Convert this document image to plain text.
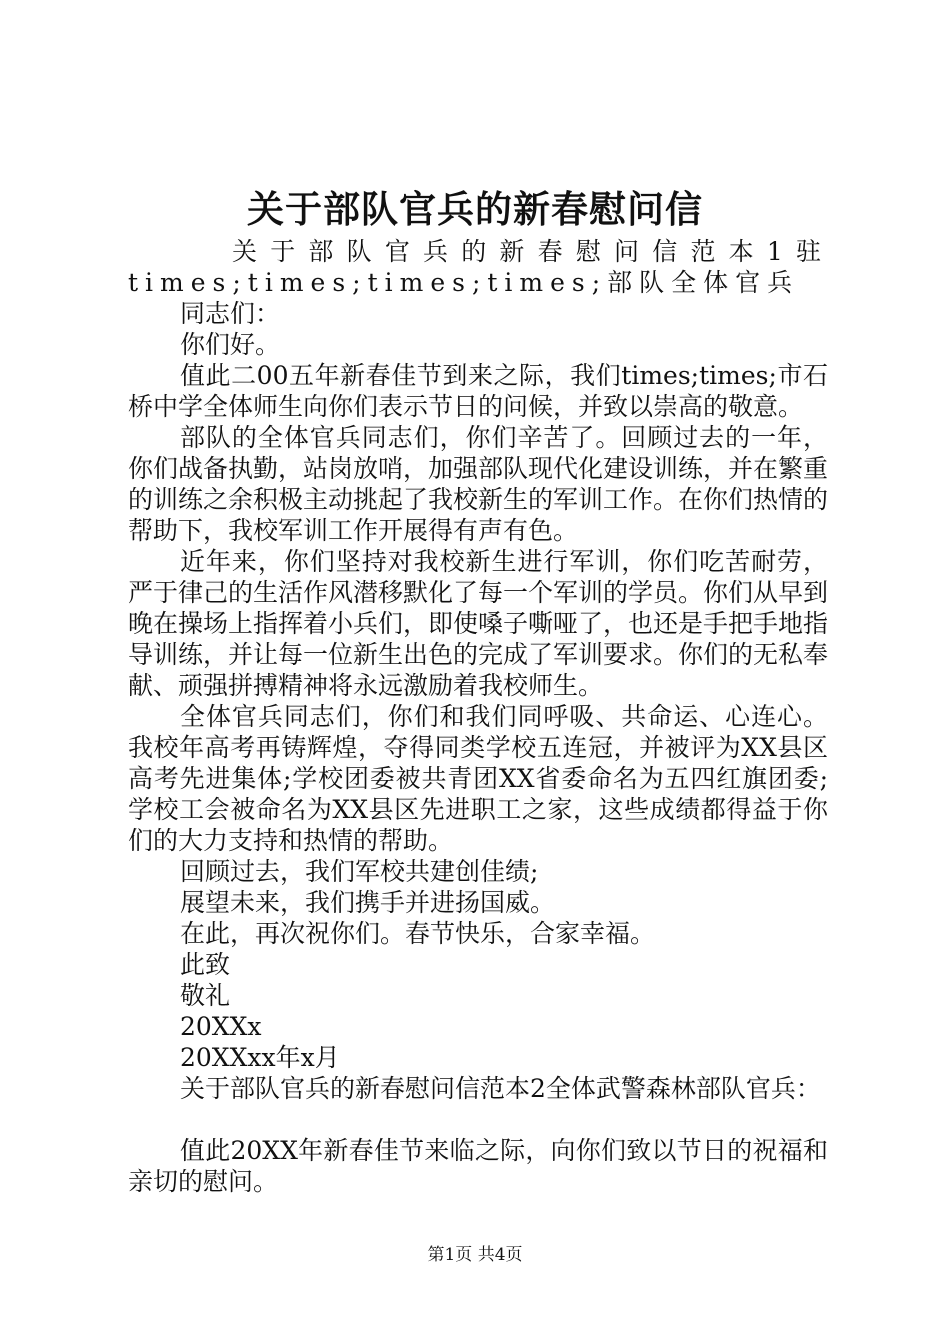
关于部队官兵的新春慰问信

关于部队官兵的新春慰问信范本1驻times;times;times;times;部队全体官兵

同志们：

你们好。

值此二00五年新春佳节到来之际，我们times;times;市石桥中学全体师生向你们表示节日的问候，并致以崇高的敬意。

部队的全体官兵同志们，你们辛苦了。回顾过去的一年，你们战备执勤，站岗放哨，加强部队现代化建设训练，并在繁重的训练之余积极主动挑起了我校新生的军训工作。在你们热情的帮助下，我校军训工作开展得有声有色。

近年来，你们坚持对我校新生进行军训，你们吃苦耐劳，严于律己的生活作风潜移默化了每一个军训的学员。你们从早到晚在操场上指挥着小兵们，即使嗓子嘶哑了，也还是手把手地指导训练，并让每一位新生出色的完成了军训要求。你们的无私奉献、顽强拼搏精神将永远激励着我校师生。

全体官兵同志们，你们和我们同呼吸、共命运、心连心。我校年高考再铸辉煌，夺得同类学校五连冠，并被评为XX县区高考先进集体;学校团委被共青团XX省委命名为五四红旗团委;学校工会被命名为XX县区先进职工之家，这些成绩都得益于你们的大力支持和热情的帮助。

回顾过去，我们军校共建创佳绩;

展望未来，我们携手并进扬国威。

在此，再次祝你们。春节快乐，合家幸福。

此致

敬礼

20XXx

20XXxx年x月

关于部队官兵的新春慰问信范本2全体武警森林部队官兵：

值此20XX年新春佳节来临之际，向你们致以节日的祝福和亲切的慰问。

第1页 共4页
